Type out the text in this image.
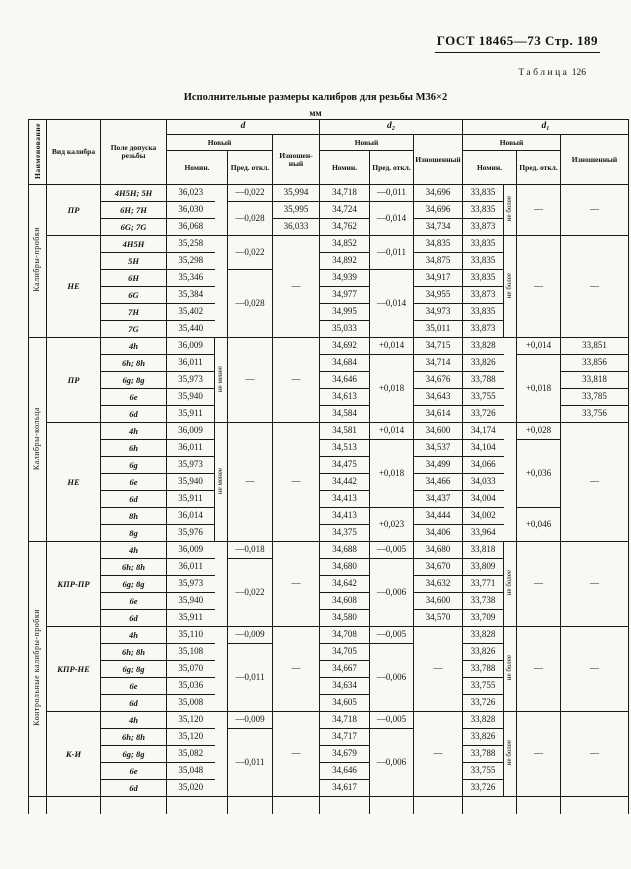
ГОСТ 18465—73 Стр. 189
Таблица 126
Исполнительные размеры калибров для резьбы М36×2
мм
Наименование	Вид калибра	Поле допуска резьбы	d				d₂			d₁			
			Новый			Изношенный	Новый		Изношенный	Новый			Изношенный
			Номин.		Пред. откл.		Номин.	Пред. откл.		Номин.		Пред. откл.	
Калибры-пробки	ПР	4Н5Н; 5Н	36,023		—0,022	35,994	34,718	—0,011	34,696	33,835	не более	—	—
		6Н; 7Н	36,030		—0,028	35,995	34,724	—0,014	34,696	33,835			
		6G; 7G	36,068			36,033	34,762		34,734	33,873			
	НЕ	4Н5Н	35,258		—0,022	—	34,852	—0,011	34,835	33,835	не более	—	—
		5Н	35,298				34,892		34,875	33,835			
		6Н	35,346		—0,028		34,939	—0,014	34,917	33,835			
		6G	35,384				34,977		34,955	33,873			
		7Н	35,402				34,995		34,973	33,835			
		7G	35,440				35,033		35,011	33,873			
Калибры-кольца	ПР	4h	36,009	не менее	—	—	34,692	+0,014	34,715	33,828		+0,014	33,851
		6h; 8h	36,011				34,684	+0,018	34,714	33,826		+0,018	33,856
		6g; 8g	35,973				34,646		34,676	33,788			33,818
		6e	35,940				34,613		34,643	33,755			33,785
		6d	35,911				34,584		34,614	33,726			33,756
	НЕ	4h	36,009	не менее	—	—	34,581	+0,014	34,600	34,174		+0,028	—
		6h	36,011				34,513	+0,018	34,537	34,104		+0,036	
		6g	35,973				34,475		34,499	34,066			
		6e	35,940				34,442		34,466	34,033			
		6d	35,911				34,413		34,437	34,004			
		8h	36,014				34,413	+0,023	34,444	34,002		+0,046	
		8g	35,976				34,375		34,406	33,964			
Контрольные калибры-пробки	КПР-ПР	4h	36,009		—0,018	—	34,688	—0,005	34,680	33,818	не более	—	—
		6h; 8h	36,011		—0,022		34,680	—0,006	34,670	33,809			
		6g; 8g	35,973				34,642		34,632	33,771			
		6e	35,940				34,608		34,600	33,738			
		6d	35,911				34,580		34,570	33,709			
	КПР-НЕ	4h	35,110		—0,009	—	34,708	—0,005	—	33,828	не более	—	—
		6h; 8h	35,108		—0,011		34,705	—0,006		33,826			
		6g; 8g	35,070				34,667			33,788			
		6e	35,036				34,634			33,755			
		6d	35,008				34,605			33,726			
	К-И	4h	35,120		—0,009	—	34,718	—0,005	—	33,828	не более	—	—
		6h; 8h	35,120		—0,011		34,717	—0,006		33,826			
		6g; 8g	35,082				34,679			33,788			
		6e	35,048				34,646			33,755			
		6d	35,020				34,617			33,726			
